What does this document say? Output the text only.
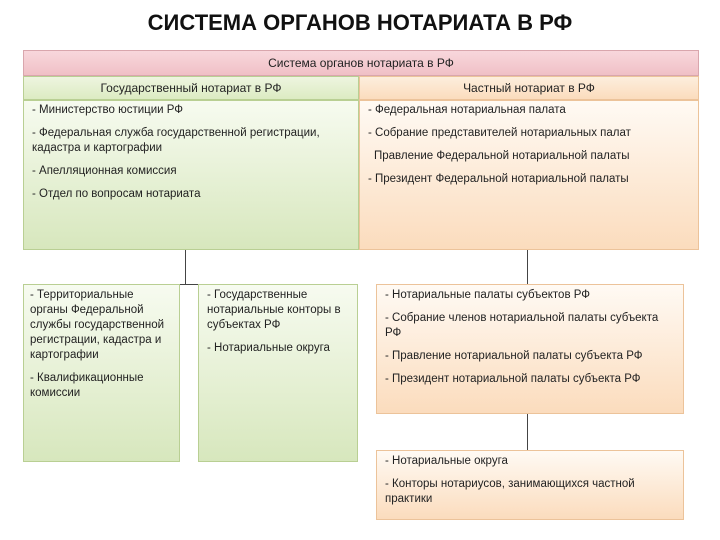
СИСТЕМА ОРГАНОВ НОТАРИАТА В РФ
Система органов нотариата в РФ
Государственный нотариат в РФ	Частный нотариат в РФ
- Министерство юстиции РФ
- Федеральная служба государственной регистрации, кадастра и картографии
- Апелляционная комиссия
- Отдел по вопросам нотариата
- Федеральная нотариальная палата
- Собрание представителей нотариальных палат
Правление Федеральной нотариальной палаты
- Президент Федеральной нотариальной палаты
- Территориальные органы Федеральной службы государственной регистрации, кадастра и картографии
- Квалификационные комиссии
- Государственные нотариальные конторы в субъектах РФ
- Нотариальные округа
- Нотариальные палаты субъектов РФ
- Собрание членов нотариальной палаты субъекта РФ
- Правление нотариальной палаты субъекта РФ
- Президент нотариальной палаты субъекта РФ
- Нотариальные округа
- Конторы нотариусов, занимающихся частной практики
